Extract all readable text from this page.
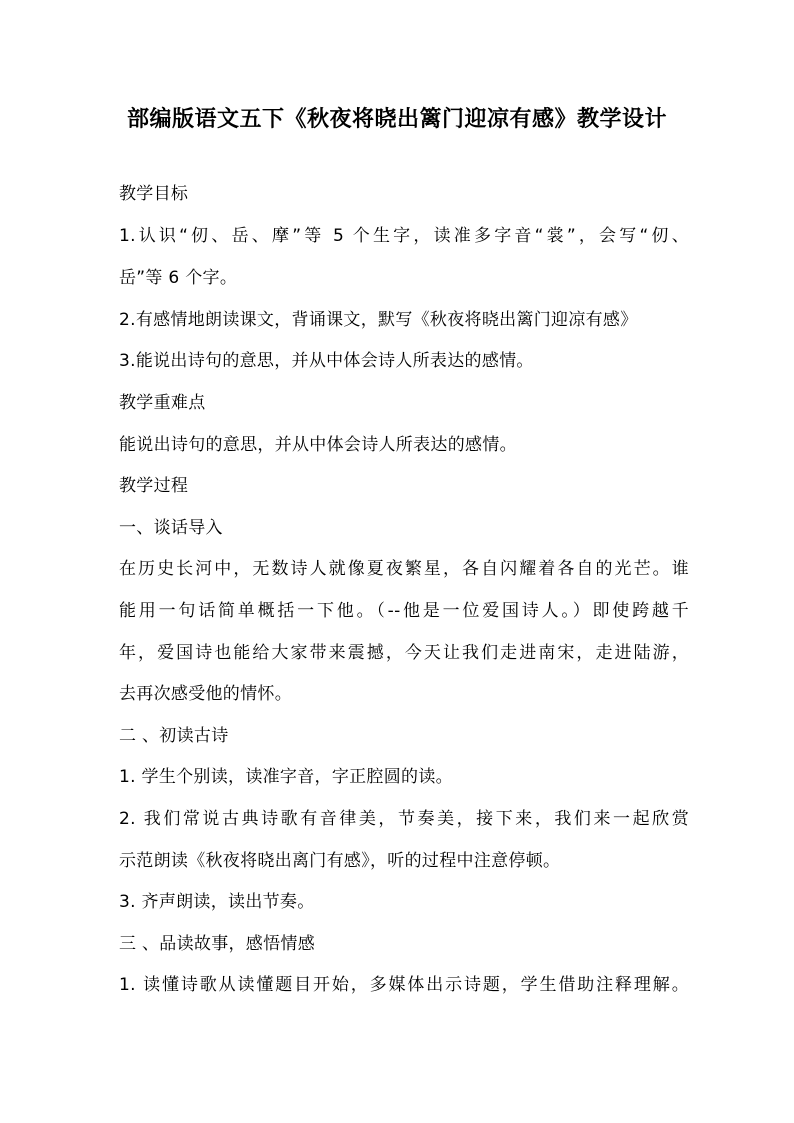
部编版语文五下《秋夜将晓出篱门迎凉有感》教学设计
教学目标
1.认识“仞、岳、摩”等 5 个生字，读准多字音“裳”，会写“仞、
岳”等 6 个字。
2.有感情地朗读课文，背诵课文，默写《秋夜将晓出篱门迎凉有感》
3.能说出诗句的意思，并从中体会诗人所表达的感情。
教学重难点
能说出诗句的意思，并从中体会诗人所表达的感情。
教学过程
一、谈话导入
在历史长河中，无数诗人就像夏夜繁星，各自闪耀着各自的光芒。谁
能用一句话简单概括一下他。（--他是一位爱国诗人。）即使跨越千
年，爱国诗也能给大家带来震撼，今天让我们走进南宋，走进陆游，
去再次感受他的情怀。
二 、初读古诗
1. 学生个别读，读准字音，字正腔圆的读。
2. 我们常说古典诗歌有音律美，节奏美，接下来，我们来一起欣赏
示范朗读《秋夜将晓出离门有感》，听的过程中注意停顿。
3. 齐声朗读，读出节奏。
三 、品读故事，感悟情感
1. 读懂诗歌从读懂题目开始，多媒体出示诗题，学生借助注释理解。
